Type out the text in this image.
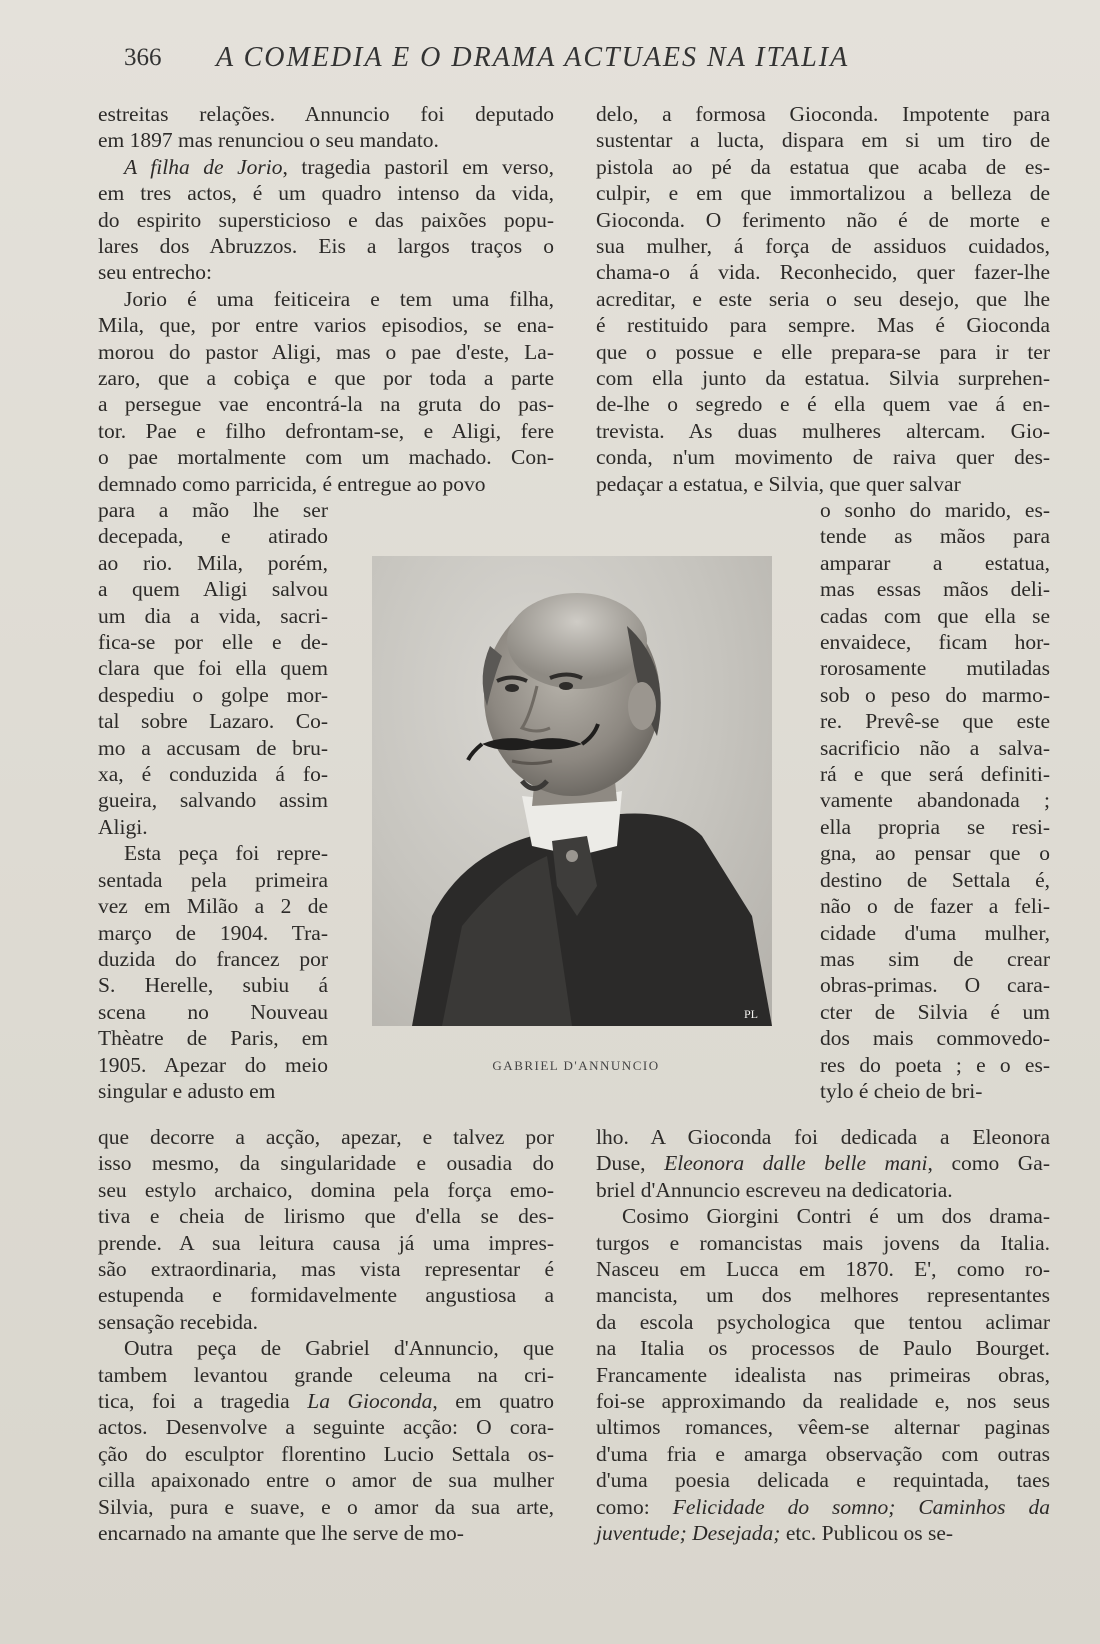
366 A COMEDIA E O DRAMA ACTUAES NA ITALIA
estreitas relações. Annuncio foi deputado
em 1897 mas renunciou o seu mandato.
A filha de Jorio, tragedia pastoril em verso,
em tres actos, é um quadro intenso da vida,
do espirito supersticioso e das paixões popu-
lares dos Abruzzos. Eis a largos traços o
seu entrecho:
Jorio é uma feiticeira e tem uma filha,
Mila, que, por entre varios episodios, se ena-
morou do pastor Aligi, mas o pae d'este, La-
zaro, que a cobiça e que por toda a parte
a persegue vae encontrá-la na gruta do pas-
tor. Pae e filho defrontam-se, e Aligi, fere
o pae mortalmente com um machado. Con-
demnado como parricida, é entregue ao povo
para a mão lhe ser
decepada, e atirado
ao rio. Mila, porém,
a quem Aligi salvou
um dia a vida, sacri-
fica-se por elle e de-
clara que foi ella quem
despediu o golpe mor-
tal sobre Lazaro. Co-
mo a accusam de bru-
xa, é conduzida á fo-
gueira, salvando assim
Aligi.
Esta peça foi repre-
sentada pela primeira
vez em Milão a 2 de
março de 1904. Tra-
duzida do francez por
S. Herelle, subiu á
scena no Nouveau
Thèatre de Paris, em
1905. Apezar do meio
singular e adusto em
que decorre a acção, apezar, e talvez por
isso mesmo, da singularidade e ousadia do
seu estylo archaico, domina pela força emo-
tiva e cheia de lirismo que d'ella se des-
prende. A sua leitura causa já uma impres-
são extraordinaria, mas vista representar é
estupenda e formidavelmente angustiosa a
sensação recebida.
Outra peça de Gabriel d'Annuncio, que
tambem levantou grande celeuma na cri-
tica, foi a tragedia La Gioconda, em quatro
actos. Desenvolve a seguinte acção: O cora-
ção do esculptor florentino Lucio Settala os-
cilla apaixonado entre o amor de sua mulher
Silvia, pura e suave, e o amor da sua arte,
encarnado na amante que lhe serve de mo-
delo, a formosa Gioconda. Impotente para
sustentar a lucta, dispara em si um tiro de
pistola ao pé da estatua que acaba de es-
culpir, e em que immortalizou a belleza de
Gioconda. O ferimento não é de morte e
sua mulher, á força de assiduos cuidados,
chama-o á vida. Reconhecido, quer fazer-lhe
acreditar, e este seria o seu desejo, que lhe
é restituido para sempre. Mas é Gioconda
que o possue e elle prepara-se para ir ter
com ella junto da estatua. Silvia surprehen-
de-lhe o segredo e é ella quem vae á en-
trevista. As duas mulheres altercam. Gio-
conda, n'um movimento de raiva quer des-
pedaçar a estatua, e Silvia, que quer salvar
o sonho do marido, es-
tende as mãos para
amparar a estatua,
mas essas mãos deli-
cadas com que ella se
envaidece, ficam hor-
rorosamente mutiladas
sob o peso do marmo-
re. Prevê-se que este
sacrificio não a salva-
rá e que será definiti-
vamente abandonada ;
ella propria se resi-
gna, ao pensar que o
destino de Settala é,
não o de fazer a feli-
cidade d'uma mulher,
mas sim de crear
obras-primas. O cara-
cter de Silvia é um
dos mais commovedo-
res do poeta ; e o es-
tylo é cheio de bri-
lho. A Gioconda foi dedicada a Eleonora
Duse, Eleonora dalle belle mani, como Ga-
briel d'Annuncio escreveu na dedicatoria.
Cosimo Giorgini Contri é um dos drama-
turgos e romancistas mais jovens da Italia.
Nasceu em Lucca em 1870. E', como ro-
mancista, um dos melhores representantes
da escola psychologica que tentou aclimar
na Italia os processos de Paulo Bourget.
Francamente idealista nas primeiras obras,
foi-se approximando da realidade e, nos seus
ultimos romances, vêem-se alternar paginas
d'uma fria e amarga observação com outras
d'uma poesia delicada e requintada, taes
como: Felicidade do somno; Caminhos da
juventude; Desejada; etc. Publicou os se-
PL
GABRIEL D'ANNUNCIO
